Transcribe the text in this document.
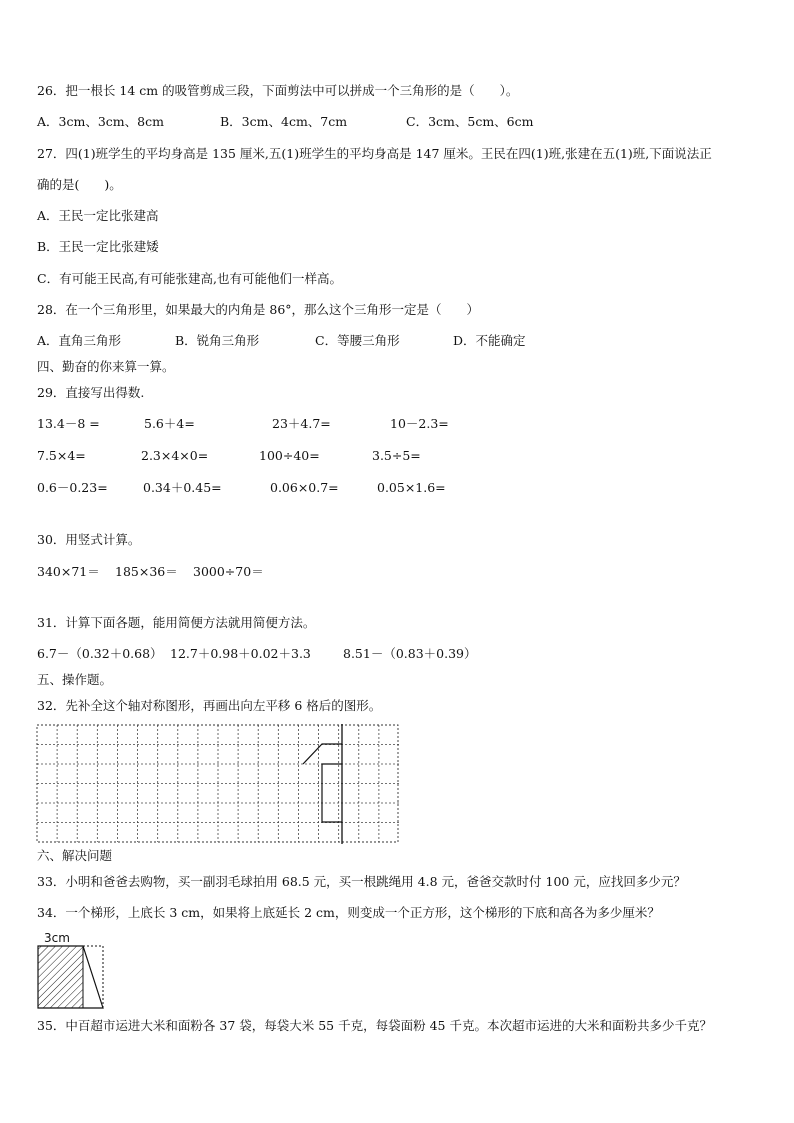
26．把一根长 14 cm 的吸管剪成三段，下面剪法中可以拼成一个三角形的是（　　）。
A．3cm、3cm、8cm	B．3cm、4cm、7cm	C．3cm、5cm、6cm
27．四(1)班学生的平均身高是 135 厘米,五(1)班学生的平均身高是 147 厘米。王民在四(1)班,张建在五(1)班,下面说法正
确的是(　　)。
A．王民一定比张建高
B．王民一定比张建矮
C．有可能王民高,有可能张建高,也有可能他们一样高。
28．在一个三角形里，如果最大的内角是 86°，那么这个三角形一定是（　　）
A．直角三角形	B．锐角三角形	C．等腰三角形	D．不能确定
四、勤奋的你来算一算。
29．直接写出得数.
13.4－8 =	5.6＋4=	23＋4.7=	10－2.3=
7.5×4=	2.3×4×0=	100÷40=	3.5÷5=
0.6－0.23=	0.34＋0.45=	0.06×0.7=	0.05×1.6=
30．用竖式计算。
340×71＝ 185×36＝ 3000÷70＝
31．计算下面各题，能用简便方法就用简便方法。
6.7－（0.32＋0.68） 12.7＋0.98＋0.02＋3.3	8.51－（0.83＋0.39）
五、操作题。
32．先补全这个轴对称图形，再画出向左平移 6 格后的图形。
六、解决问题
33．小明和爸爸去购物，买一副羽毛球拍用 68.5 元，买一根跳绳用 4.8 元，爸爸交款时付 100 元，应找回多少元？
34．一个梯形，上底长 3 cm，如果将上底延长 2 cm，则变成一个正方形，这个梯形的下底和高各为多少厘米？
3cm
35．中百超市运进大米和面粉各 37 袋，每袋大米 55 千克，每袋面粉 45 千克。本次超市运进的大米和面粉共多少千克？
